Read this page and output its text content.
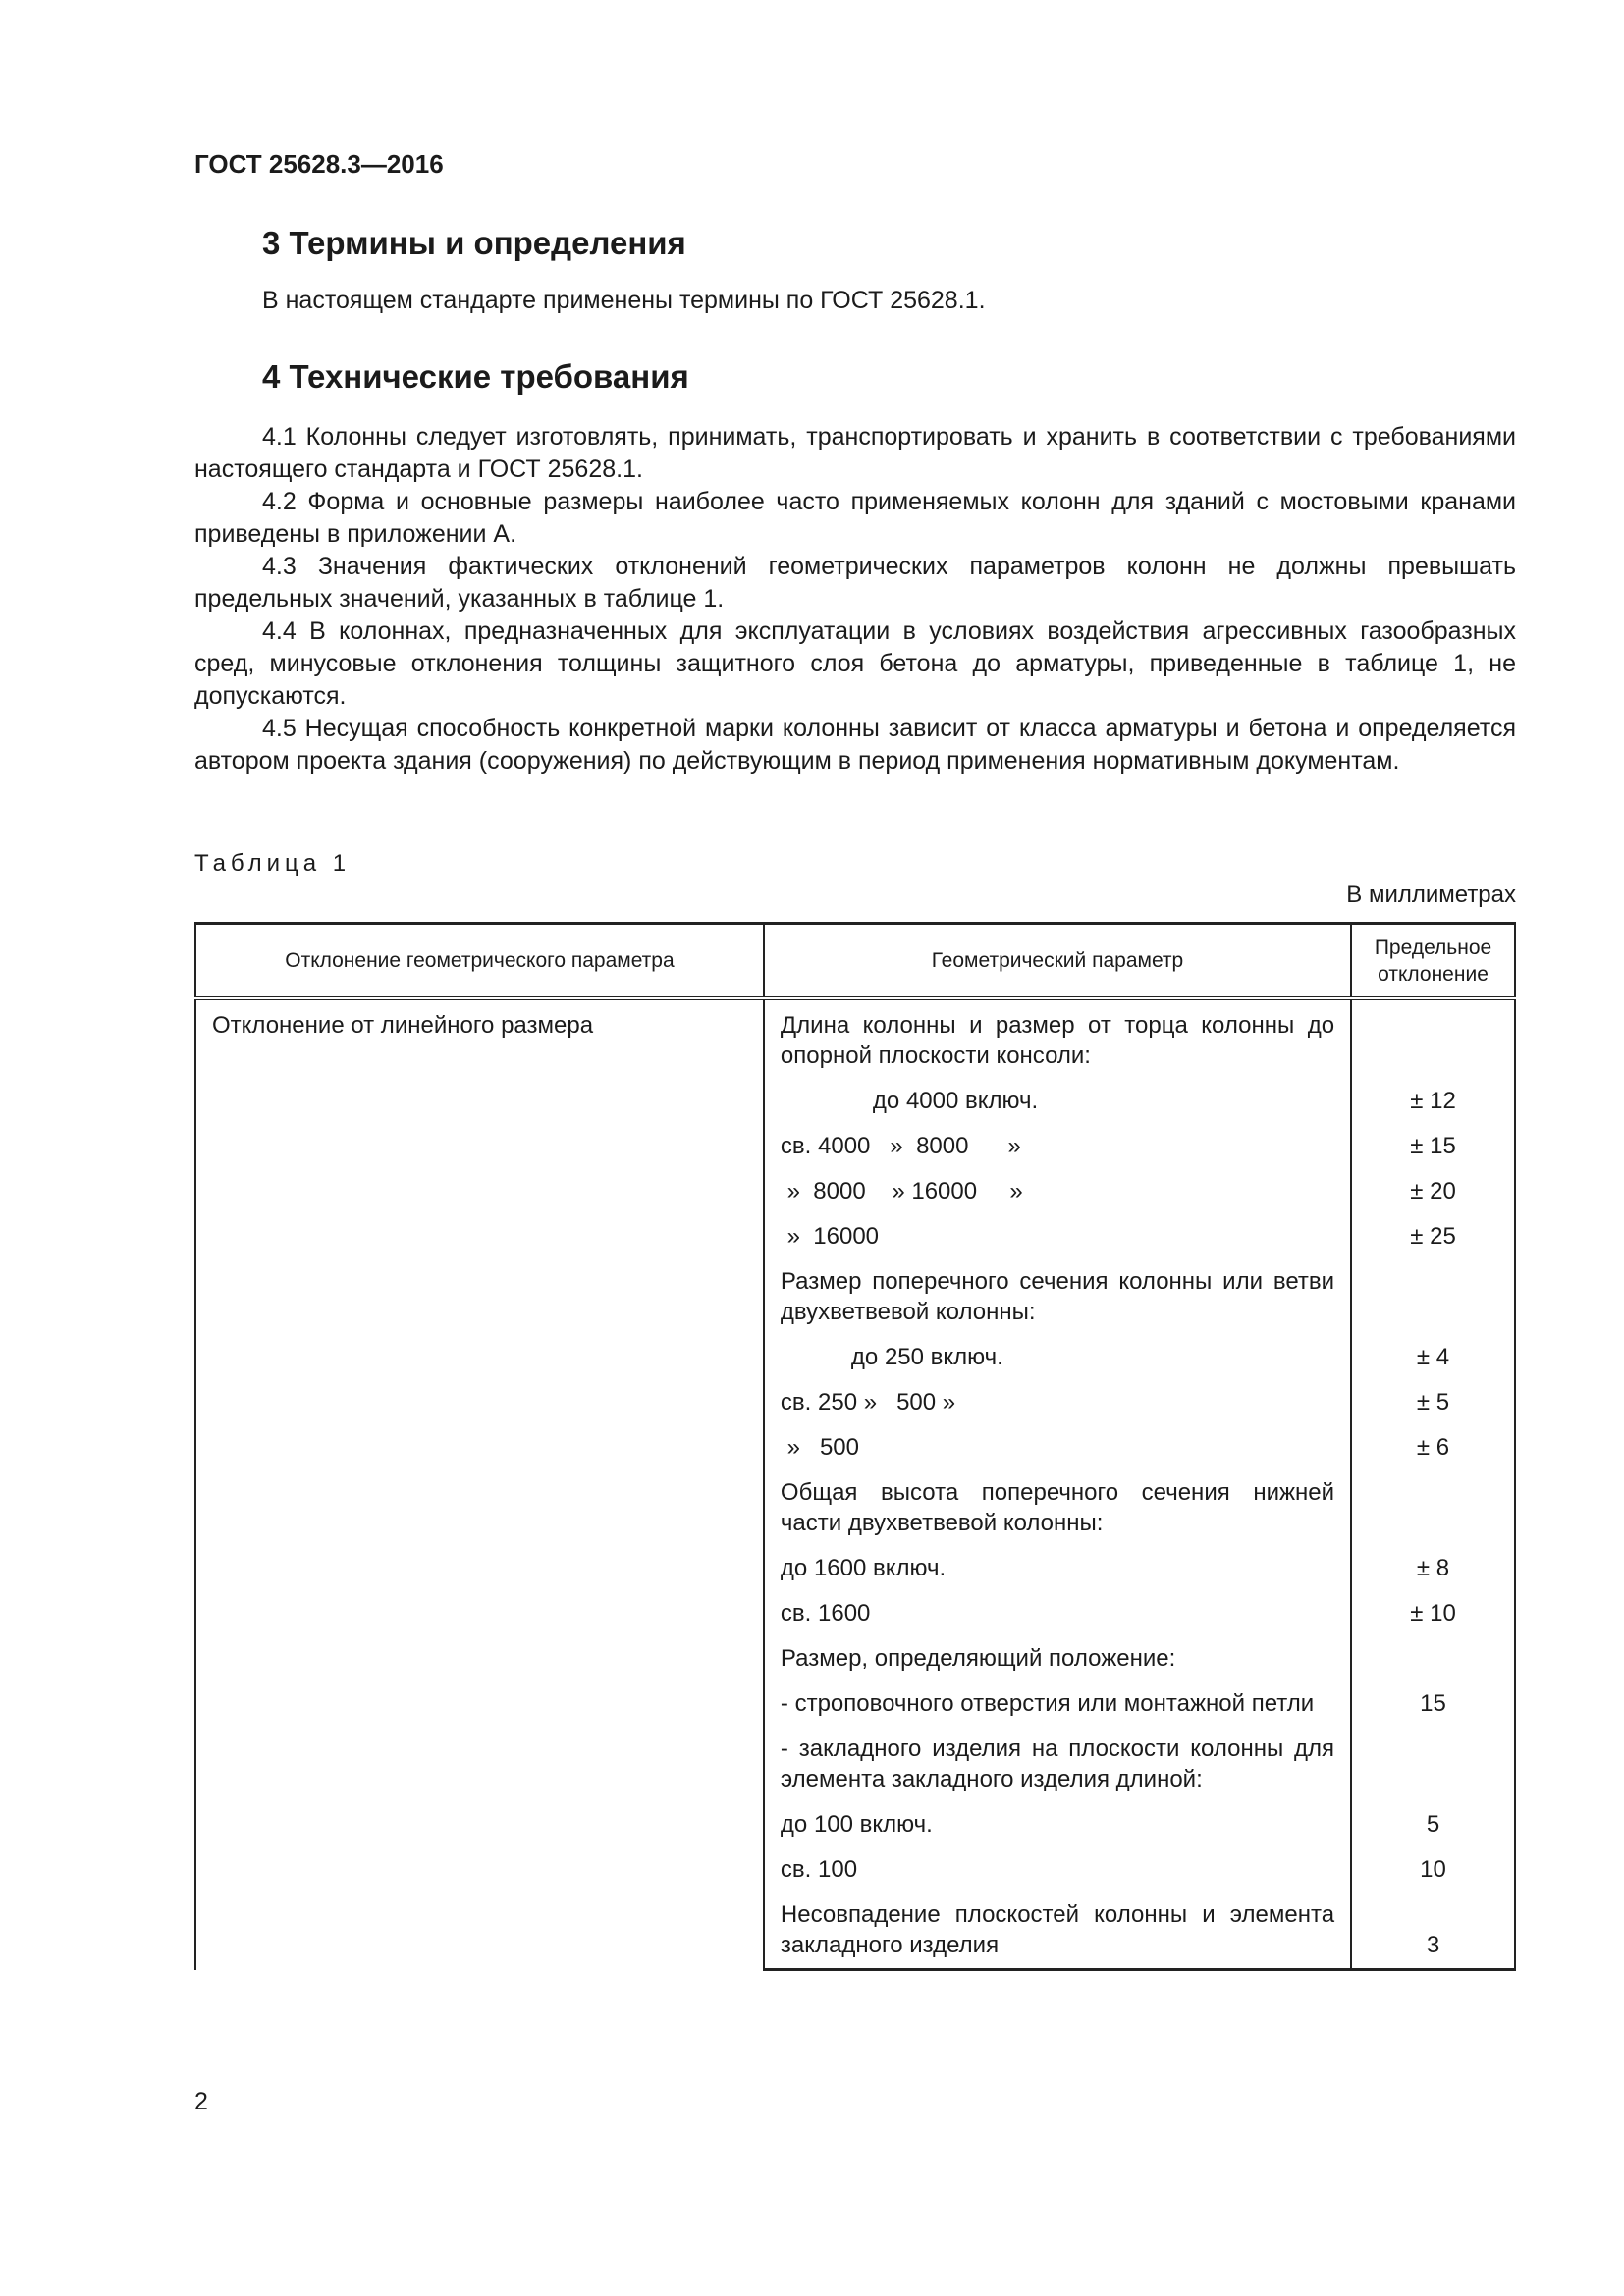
ГОСТ 25628.3—2016
3 Термины и определения
В настоящем стандарте применены термины по ГОСТ 25628.1.
4 Технические требования

4.1 Колонны следует изготовлять, принимать, транспортировать и хранить в соответствии с требованиями настоящего стандарта и ГОСТ 25628.1.

4.2 Форма и основные размеры наиболее часто применяемых колонн для зданий с мостовыми кранами приведены в приложении А.

4.3 Значения фактических отклонений геометрических параметров колонн не должны превышать предельных значений, указанных в таблице 1.

4.4 В колоннах, предназначенных для эксплуатации в условиях воздействия агрессивных газообразных сред, минусовые отклонения толщины защитного слоя бетона до арматуры, приведенные в таблице 1, не допускаются.

4.5 Несущая способность конкретной марки колонны зависит от класса арматуры и бетона и определяется автором проекта здания (сооружения) по действующим в период применения нормативным документам.

Таблица 1
В миллиметрах
Отклонение геометрического параметра	Геометрический параметр	Предельное отклонение
Отклонение от линейного размера	Длина колонны и размер от торца колонны до опорной плоскости консоли:	
	до 4000 включ.	± 12
	св. 4000   »  8000      »	± 15
	»  8000    » 16000     »	± 20
	»  16000	± 25
	Размер поперечного сечения колонны или ветви двухветвевой колонны:	
	до 250 включ.	± 4
	св. 250 »   500 »	± 5
	»   500	± 6
	Общая высота поперечного сечения нижней части двухветвевой колонны:	
	до 1600 включ.	± 8
	св. 1600	± 10
	Размер, определяющий положение:	
	- строповочного отверстия или монтажной петли	15
	- закладного изделия на плоскости колонны для элемента закладного изделия длиной:	
	до 100 включ.	5
	св. 100	10
	Несовпадение плоскостей колонны и элемента закладного изделия	3
2
